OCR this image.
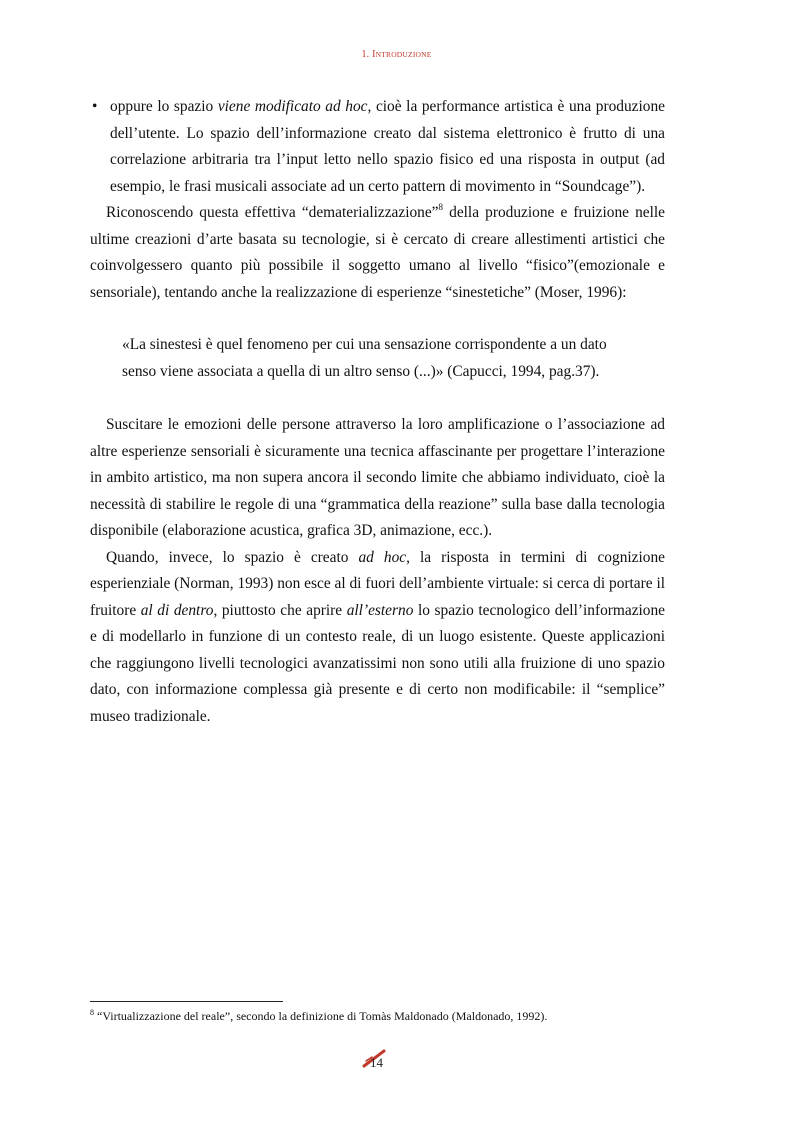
1. INTRODUZIONE
• oppure lo spazio viene modificato ad hoc, cioè la performance artistica è una produzione dell’utente. Lo spazio dell’informazione creato dal sistema elettronico è frutto di una correlazione arbitraria tra l’input letto nello spazio fisico ed una risposta in output (ad esempio, le frasi musicali associate ad un certo pattern di movimento in “Soundcage”).

Riconoscendo questa effettiva “dematerializzazione”$^8$ della produzione e fruizione nelle ultime creazioni d’arte basata su tecnologie, si è cercato di creare allestimenti artistici che coinvolgessero quanto più possibile il soggetto umano al livello “fisico”(emozionale e sensoriale), tentando anche la realizzazione di esperienze “sinestetiche” (Moser, 1996):

«La sinestesi è quel fenomeno per cui una sensazione corrispondente a un dato
senso viene associata a quella di un altro senso (...)» (Capucci, 1994, pag.37).

Suscitare le emozioni delle persone attraverso la loro amplificazione o l’associazione ad altre esperienze sensoriali è sicuramente una tecnica affascinante per progettare l’interazione in ambito artistico, ma non supera ancora il secondo limite che abbiamo individuato, cioè la necessità di stabilire le regole di una “grammatica della reazione” sulla base dalla tecnologia disponibile (elaborazione acustica, grafica 3D, animazione, ecc.).

Quando, invece, lo spazio è creato ad hoc, la risposta in termini di cognizione esperienziale (Norman, 1993) non esce al di fuori dell’ambiente virtuale: si cerca di portare il fruitore al di dentro, piuttosto che aprire all’esterno lo spazio tecnologico dell’informazione e di modellarlo in funzione di un contesto reale, di un luogo esistente. Queste applicazioni che raggiungono livelli tecnologici avanzatissimi non sono utili alla fruizione di uno spazio dato, con informazione complessa già presente e di certo non modificabile: il “semplice” museo tradizionale.

$^8$ “Virtualizzazione del reale”, secondo la definizione di Tomàs Maldonado (Maldonado, 1992).
14
